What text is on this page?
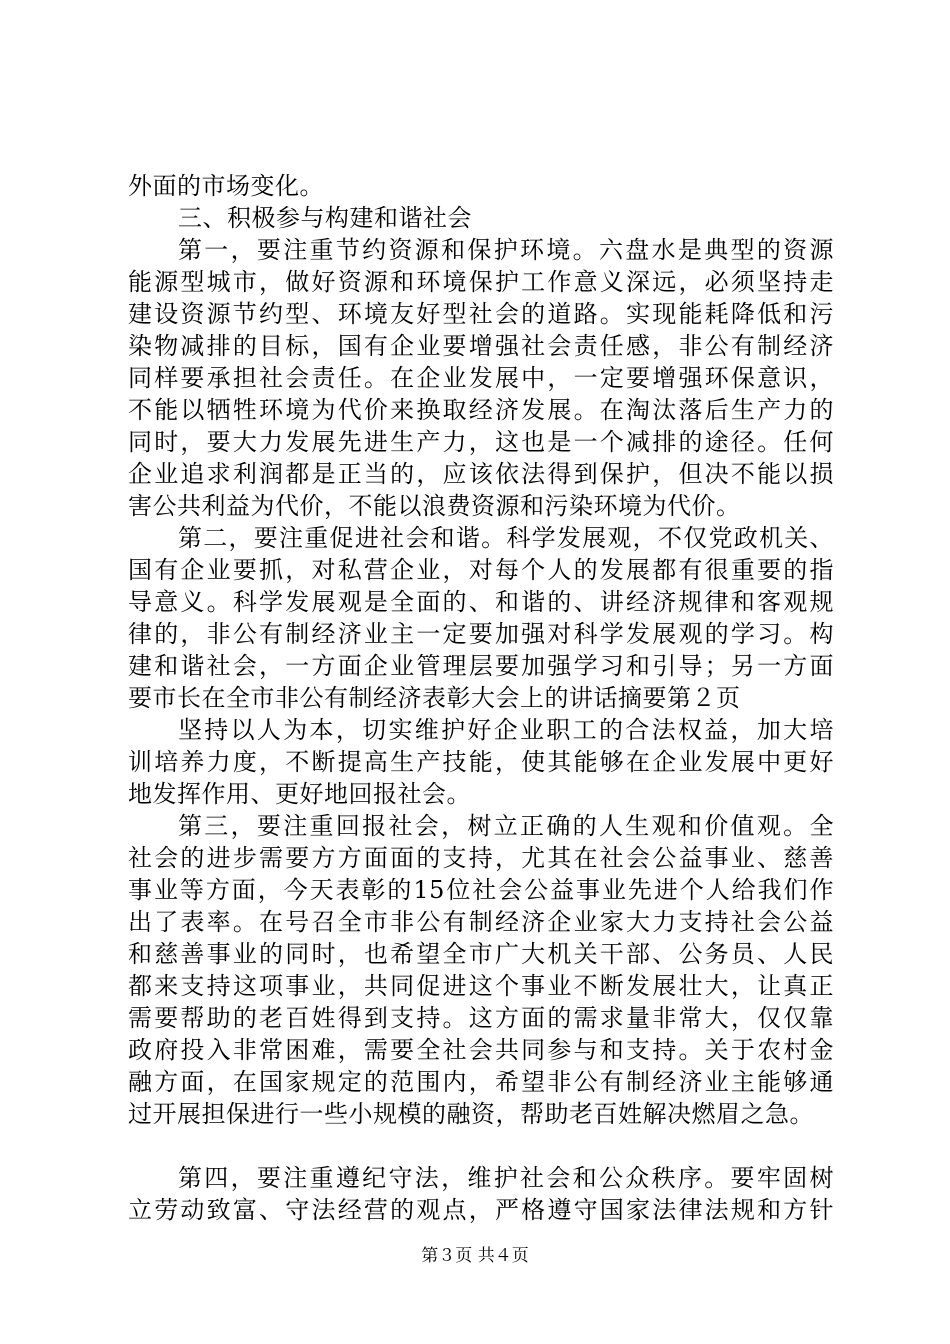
外面的市场变化。
三、积极参与构建和谐社会
第一，要注重节约资源和保护环境。六盘水是典型的资源
能源型城市，做好资源和环境保护工作意义深远，必须坚持走
建设资源节约型、环境友好型社会的道路。实现能耗降低和污
染物减排的目标，国有企业要增强社会责任感，非公有制经济
同样要承担社会责任。在企业发展中，一定要增强环保意识，
不能以牺牲环境为代价来换取经济发展。在淘汰落后生产力的
同时，要大力发展先进生产力，这也是一个减排的途径。任何
企业追求利润都是正当的，应该依法得到保护，但决不能以损
害公共利益为代价，不能以浪费资源和污染环境为代价。
第二，要注重促进社会和谐。科学发展观，不仅党政机关、
国有企业要抓，对私营企业，对每个人的发展都有很重要的指
导意义。科学发展观是全面的、和谐的、讲经济规律和客观规
律的，非公有制经济业主一定要加强对科学发展观的学习。构
建和谐社会，一方面企业管理层要加强学习和引导；另一方面
要市长在全市非公有制经济表彰大会上的讲话摘要第２页
坚持以人为本，切实维护好企业职工的合法权益，加大培
训培养力度，不断提高生产技能，使其能够在企业发展中更好
地发挥作用、更好地回报社会。
第三，要注重回报社会，树立正确的人生观和价值观。全
社会的进步需要方方面面的支持，尤其在社会公益事业、慈善
事业等方面，今天表彰的15位社会公益事业先进个人给我们作
出了表率。在号召全市非公有制经济企业家大力支持社会公益
和慈善事业的同时，也希望全市广大机关干部、公务员、人民
都来支持这项事业，共同促进这个事业不断发展壮大，让真正
需要帮助的老百姓得到支持。这方面的需求量非常大，仅仅靠
政府投入非常困难，需要全社会共同参与和支持。关于农村金
融方面，在国家规定的范围内，希望非公有制经济业主能够通
过开展担保进行一些小规模的融资，帮助老百姓解决燃眉之急。
第四，要注重遵纪守法，维护社会和公众秩序。要牢固树
立劳动致富、守法经营的观点，严格遵守国家法律法规和方针
第３页 共４页
